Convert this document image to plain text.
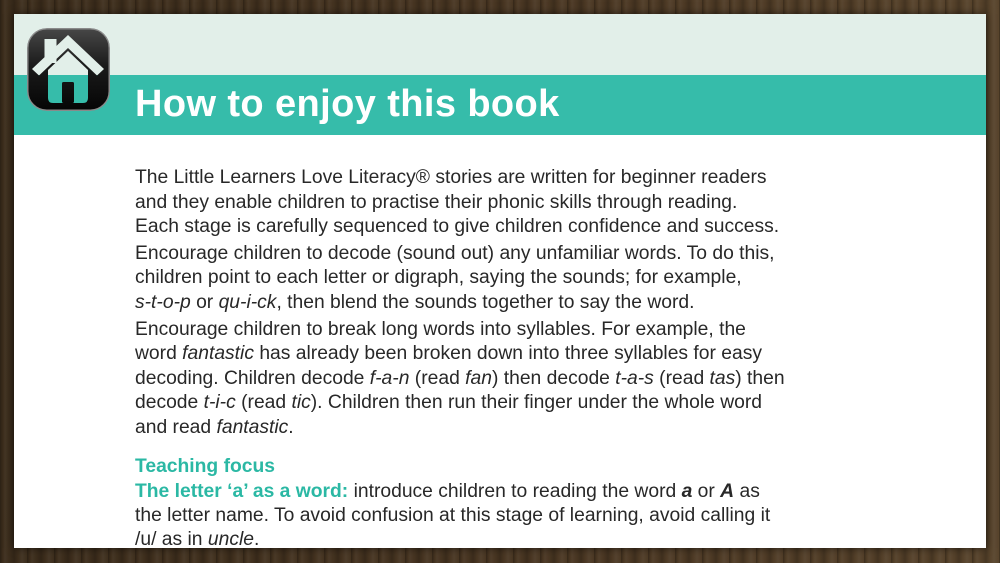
How to enjoy this book
The Little Learners Love Literacy® stories are written for beginner readers
and they enable children to practise their phonic skills through reading.
Each stage is carefully sequenced to give children confidence and success.
Encourage children to decode (sound out) any unfamiliar words. To do this,
children point to each letter or digraph, saying the sounds; for example,
s-t-o-p or qu-i-ck, then blend the sounds together to say the word.
Encourage children to break long words into syllables. For example, the
word fantastic has already been broken down into three syllables for easy
decoding. Children decode f-a-n (read fan) then decode t-a-s (read tas) then
decode t-i-c (read tic). Children then run their finger under the whole word
and read fantastic.
Teaching focus
The letter ‘a’ as a word: introduce children to reading the word a or A as
the letter name. To avoid confusion at this stage of learning, avoid calling it
/u/ as in uncle.
